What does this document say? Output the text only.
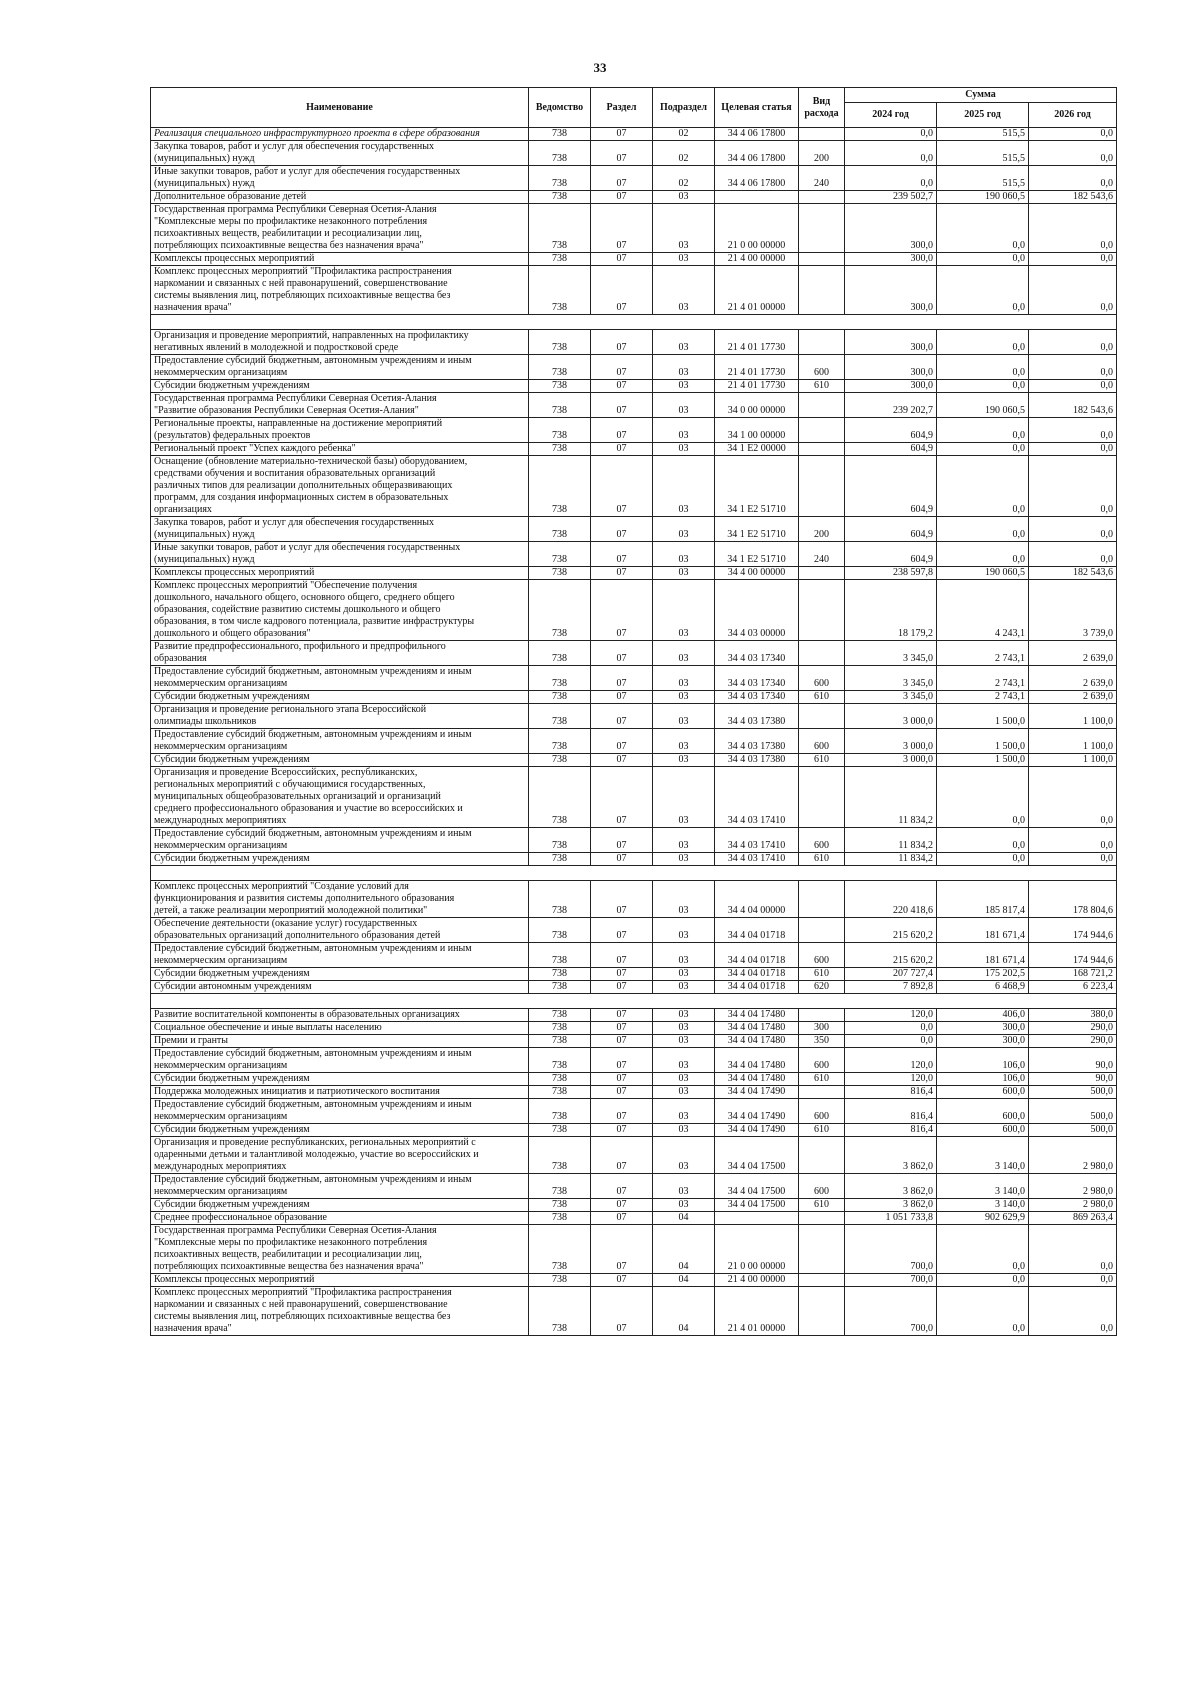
33
Наименование	Ведомство	Раздел	Подраздел	Целевая статья	Вид расхода	Сумма		
						2024 год	2025 год	2026 год
Реализация специального инфраструктурного проекта в сфере образования	738	07	02	34 4 06 17800		0,0	515,5	0,0
Закупка товаров, работ и услуг для обеспечения государственных
(муниципальных) нужд	738	07	02	34 4 06 17800	200	0,0	515,5	0,0
Иные закупки товаров, работ и услуг для обеспечения государственных
(муниципальных) нужд	738	07	02	34 4 06 17800	240	0,0	515,5	0,0
Дополнительное образование детей	738	07	03			239 502,7	190 060,5	182 543,6
Государственная программа Республики Северная Осетия-Алания
"Комплексные меры по профилактике незаконного потребления
психоактивных веществ, реабилитации и ресоциализации лиц,
потребляющих психоактивные вещества без назначения врача"	738	07	03	21 0 00 00000		300,0	0,0	0,0
Комплексы процессных мероприятий	738	07	03	21 4 00 00000		300,0	0,0	0,0
Комплекс процессных мероприятий "Профилактика распространения
наркомании и связанных с ней правонарушений, совершенствование
системы выявления лиц, потребляющих психоактивные вещества без
назначения врача"	738	07	03	21 4 01 00000		300,0	0,0	0,0

Организация и проведение мероприятий, направленных на профилактику
негативных явлений в молодежной и подростковой среде	738	07	03	21 4 01 17730		300,0	0,0	0,0
Предоставление субсидий бюджетным, автономным учреждениям и иным
некоммерческим организациям	738	07	03	21 4 01 17730	600	300,0	0,0	0,0
Субсидии бюджетным учреждениям	738	07	03	21 4 01 17730	610	300,0	0,0	0,0
Государственная программа Республики Северная Осетия-Алания
"Развитие образования Республики Северная Осетия-Алания"	738	07	03	34 0 00 00000		239 202,7	190 060,5	182 543,6
Региональные проекты, направленные на достижение мероприятий
(результатов) федеральных проектов	738	07	03	34 1 00 00000		604,9	0,0	0,0
Региональный проект "Успех каждого ребенка"	738	07	03	34 1 E2 00000		604,9	0,0	0,0
Оснащение (обновление материально-технической базы) оборудованием,
средствами обучения и воспитания образовательных организаций
различных типов для реализации дополнительных общеразвивающих
программ, для создания информационных систем в образовательных
организациях	738	07	03	34 1 E2 51710		604,9	0,0	0,0
Закупка товаров, работ и услуг для обеспечения государственных
(муниципальных) нужд	738	07	03	34 1 E2 51710	200	604,9	0,0	0,0
Иные закупки товаров, работ и услуг для обеспечения государственных
(муниципальных) нужд	738	07	03	34 1 E2 51710	240	604,9	0,0	0,0
Комплексы процессных мероприятий	738	07	03	34 4 00 00000		238 597,8	190 060,5	182 543,6
Комплекс процессных мероприятий "Обеспечение получения
дошкольного, начального общего, основного общего, среднего общего
образования, содействие развитию системы дошкольного и общего
образования, в том числе кадрового потенциала, развитие инфраструктуры
дошкольного и общего образования"	738	07	03	34 4 03 00000		18 179,2	4 243,1	3 739,0
Развитие предпрофессионального, профильного и предпрофильного
образования	738	07	03	34 4 03 17340		3 345,0	2 743,1	2 639,0
Предоставление субсидий бюджетным, автономным учреждениям и иным
некоммерческим организациям	738	07	03	34 4 03 17340	600	3 345,0	2 743,1	2 639,0
Субсидии бюджетным учреждениям	738	07	03	34 4 03 17340	610	3 345,0	2 743,1	2 639,0
Организация и проведение регионального этапа Всероссийской
олимпиады школьников	738	07	03	34 4 03 17380		3 000,0	1 500,0	1 100,0
Предоставление субсидий бюджетным, автономным учреждениям и иным
некоммерческим организациям	738	07	03	34 4 03 17380	600	3 000,0	1 500,0	1 100,0
Субсидии бюджетным учреждениям	738	07	03	34 4 03 17380	610	3 000,0	1 500,0	1 100,0
Организация и проведение Всероссийских, республиканских,
региональных мероприятий с обучающимися государственных,
муниципальных общеобразовательных организаций и организаций
среднего профессионального образования и участие во всероссийских и
международных мероприятиях	738	07	03	34 4 03 17410		11 834,2	0,0	0,0
Предоставление субсидий бюджетным, автономным учреждениям и иным
некоммерческим организациям	738	07	03	34 4 03 17410	600	11 834,2	0,0	0,0
Субсидии бюджетным учреждениям	738	07	03	34 4 03 17410	610	11 834,2	0,0	0,0

Комплекс процессных мероприятий "Создание условий для
функционирования и развития системы дополнительного образования
детей, а также реализации мероприятий молодежной политики"	738	07	03	34 4 04 00000		220 418,6	185 817,4	178 804,6
Обеспечение деятельности (оказание услуг) государственных
образовательных организаций дополнительного образования детей	738	07	03	34 4 04 01718		215 620,2	181 671,4	174 944,6
Предоставление субсидий бюджетным, автономным учреждениям и иным
некоммерческим организациям	738	07	03	34 4 04 01718	600	215 620,2	181 671,4	174 944,6
Субсидии бюджетным учреждениям	738	07	03	34 4 04 01718	610	207 727,4	175 202,5	168 721,2
Субсидии автономным учреждениям	738	07	03	34 4 04 01718	620	7 892,8	6 468,9	6 223,4

Развитие воспитательной компоненты в образовательных организациях	738	07	03	34 4 04 17480		120,0	406,0	380,0
Социальное обеспечение и иные выплаты населению	738	07	03	34 4 04 17480	300	0,0	300,0	290,0
Премии и гранты	738	07	03	34 4 04 17480	350	0,0	300,0	290,0
Предоставление субсидий бюджетным, автономным учреждениям и иным
некоммерческим организациям	738	07	03	34 4 04 17480	600	120,0	106,0	90,0
Субсидии бюджетным учреждениям	738	07	03	34 4 04 17480	610	120,0	106,0	90,0
Поддержка молодежных инициатив и патриотического воспитания	738	07	03	34 4 04 17490		816,4	600,0	500,0
Предоставление субсидий бюджетным, автономным учреждениям и иным
некоммерческим организациям	738	07	03	34 4 04 17490	600	816,4	600,0	500,0
Субсидии бюджетным учреждениям	738	07	03	34 4 04 17490	610	816,4	600,0	500,0
Организация и проведение республиканских, региональных мероприятий с
одаренными детьми и талантливой молодежью, участие во всероссийских и
международных мероприятиях	738	07	03	34 4 04 17500		3 862,0	3 140,0	2 980,0
Предоставление субсидий бюджетным, автономным учреждениям и иным
некоммерческим организациям	738	07	03	34 4 04 17500	600	3 862,0	3 140,0	2 980,0
Субсидии бюджетным учреждениям	738	07	03	34 4 04 17500	610	3 862,0	3 140,0	2 980,0
Среднее профессиональное образование	738	07	04			1 051 733,8	902 629,9	869 263,4
Государственная программа Республики Северная Осетия-Алания
"Комплексные меры по профилактике незаконного потребления
психоактивных веществ, реабилитации и ресоциализации лиц,
потребляющих психоактивные вещества без назначения врача"	738	07	04	21 0 00 00000		700,0	0,0	0,0
Комплексы процессных мероприятий	738	07	04	21 4 00 00000		700,0	0,0	0,0
Комплекс процессных мероприятий "Профилактика распространения
наркомании и связанных с ней правонарушений, совершенствование
системы выявления лиц, потребляющих психоактивные вещества без
назначения врача"	738	07	04	21 4 01 00000		700,0	0,0	0,0
